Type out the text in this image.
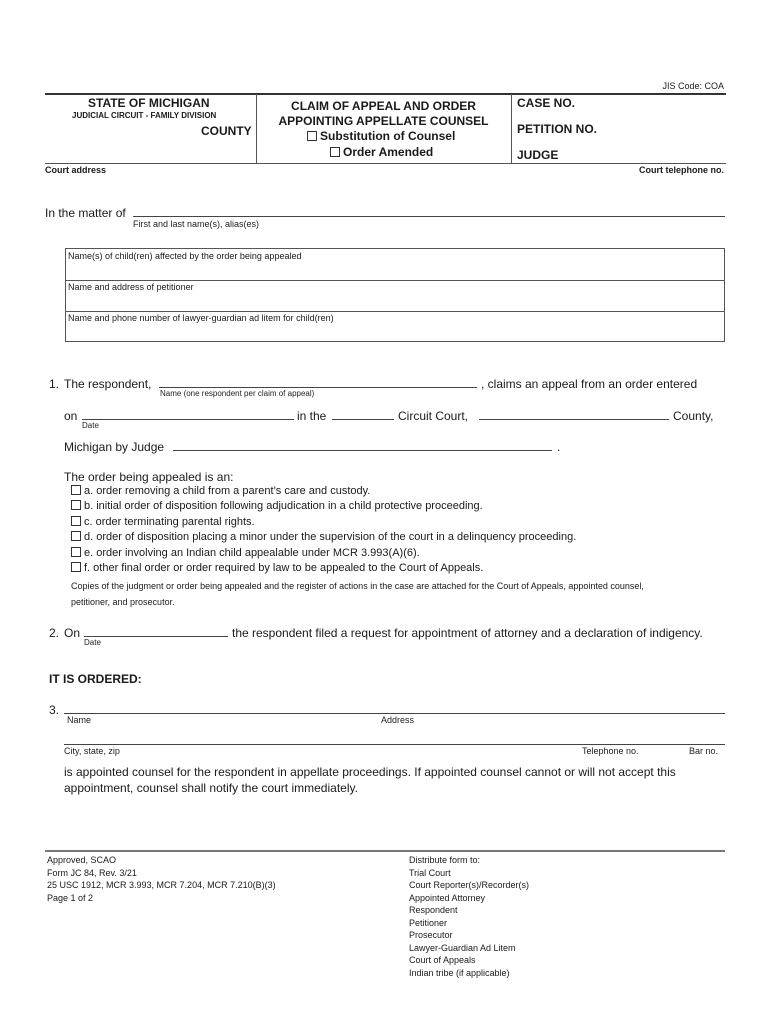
JIS Code: COA
STATE OF MICHIGAN
JUDICIAL CIRCUIT - FAMILY DIVISION
COUNTY
CLAIM OF APPEAL AND ORDER
APPOINTING APPELLATE COUNSEL
Substitution of Counsel
Order Amended
CASE NO.
PETITION NO.
JUDGE
Court address	Court telephone no.
In the matter of
First and last name(s), alias(es)
Name(s) of child(ren) affected by the order being appealed
Name and address of petitioner
Name and phone number of lawyer-guardian ad litem for child(ren)
1. The respondent,
Name (one respondent per claim of appeal)
, claims an appeal from an order entered
on
Date
in the	Circuit Court,	County,
Michigan by Judge	.
The order being appealed is an:
a. order removing a child from a parent’s care and custody.
b. initial order of disposition following adjudication in a child protective proceeding.
c. order terminating parental rights.
d. order of disposition placing a minor under the supervision of the court in a delinquency proceeding.
e. order involving an Indian child appealable under MCR 3.993(A)(6).
f. other final order or order required by law to be appealed to the Court of Appeals.
Copies of the judgment or order being appealed and the register of actions in the case are attached for the Court of Appeals, appointed counsel,
petitioner, and prosecutor.
2. On
Date
the respondent filed a request for appointment of attorney and a declaration of indigency.
IT IS ORDERED:
3.
Name	Address
City, state, zip	Telephone no.	Bar no.
is appointed counsel for the respondent in appellate proceedings. If appointed counsel cannot or will not accept this
appointment, counsel shall notify the court immediately.
Approved, SCAO
Form JC 84, Rev. 3/21
25 USC 1912, MCR 3.993, MCR 7.204, MCR 7.210(B)(3)
Page 1 of 2
Distribute form to:
Trial Court
Court Reporter(s)/Recorder(s)
Appointed Attorney
Respondent
Petitioner
Prosecutor
Lawyer-Guardian Ad Litem
Court of Appeals
Indian tribe (if applicable)
